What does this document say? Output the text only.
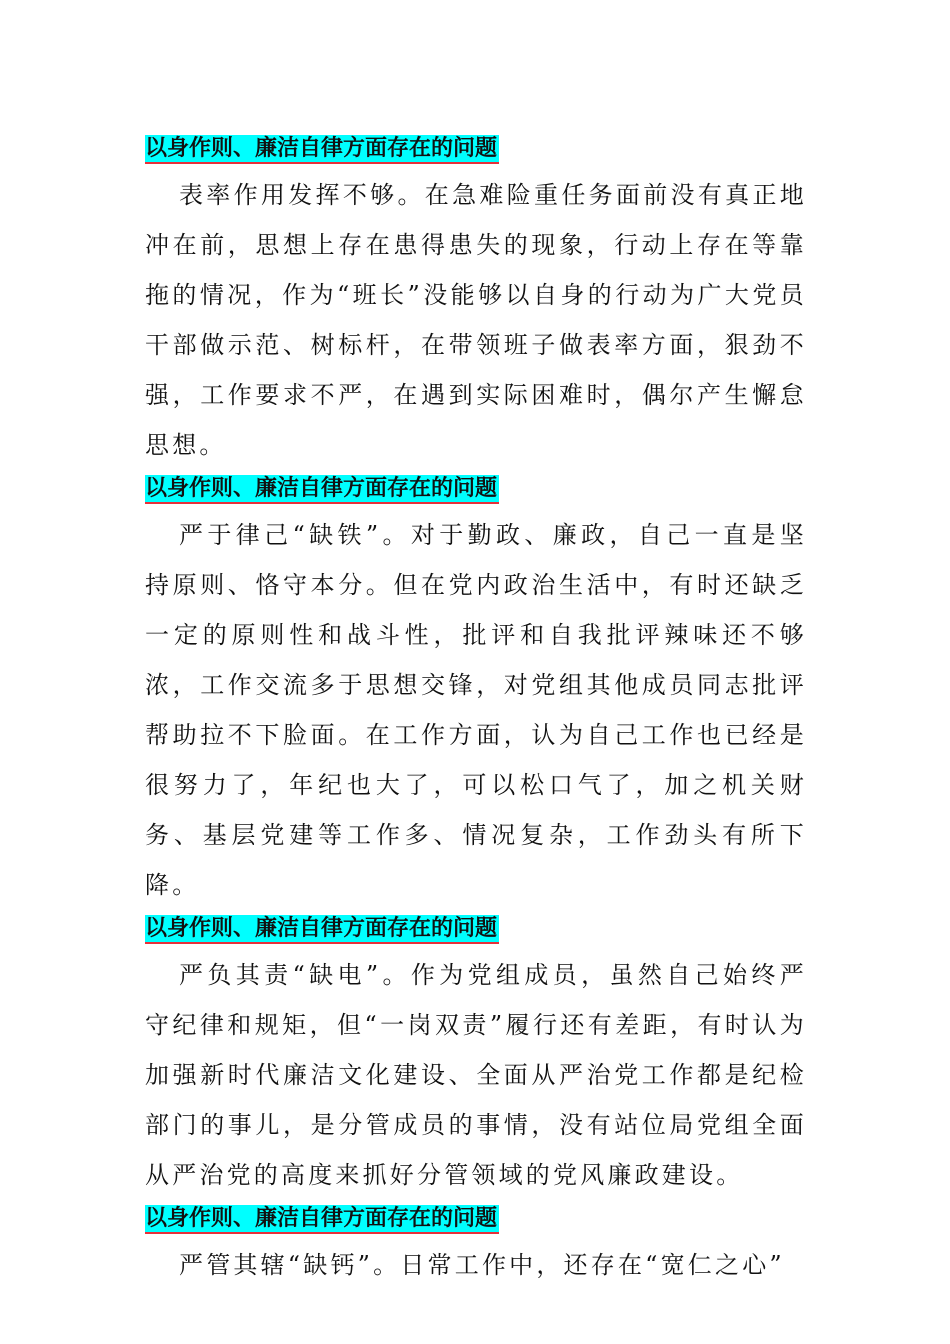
以身作则、廉洁自律方面存在的问题

表率作用发挥不够。在急难险重任务面前没有真正地冲在前，思想上存在患得患失的现象，行动上存在等靠拖的情况，作为“班长”没能够以自身的行动为广大党员干部做示范、树标杆，在带领班子做表率方面，狠劲不强，工作要求不严，在遇到实际困难时，偶尔产生懈怠思想。

以身作则、廉洁自律方面存在的问题

严于律己“缺铁”。对于勤政、廉政，自己一直是坚持原则、恪守本分。但在党内政治生活中，有时还缺乏一定的原则性和战斗性，批评和自我批评辣味还不够浓，工作交流多于思想交锋，对党组其他成员同志批评帮助拉不下脸面。在工作方面，认为自己工作也已经是很努力了，年纪也大了，可以松口气了，加之机关财务、基层党建等工作多、情况复杂，工作劲头有所下降。

以身作则、廉洁自律方面存在的问题

严负其责“缺电”。作为党组成员，虽然自己始终严守纪律和规矩，但“一岗双责”履行还有差距，有时认为加强新时代廉洁文化建设、全面从严治党工作都是纪检部门的事儿，是分管成员的事情，没有站位局党组全面从严治党的高度来抓好分管领域的党风廉政建设。

以身作则、廉洁自律方面存在的问题

严管其辖“缺钙”。日常工作中，还存在“宽仁之心”
